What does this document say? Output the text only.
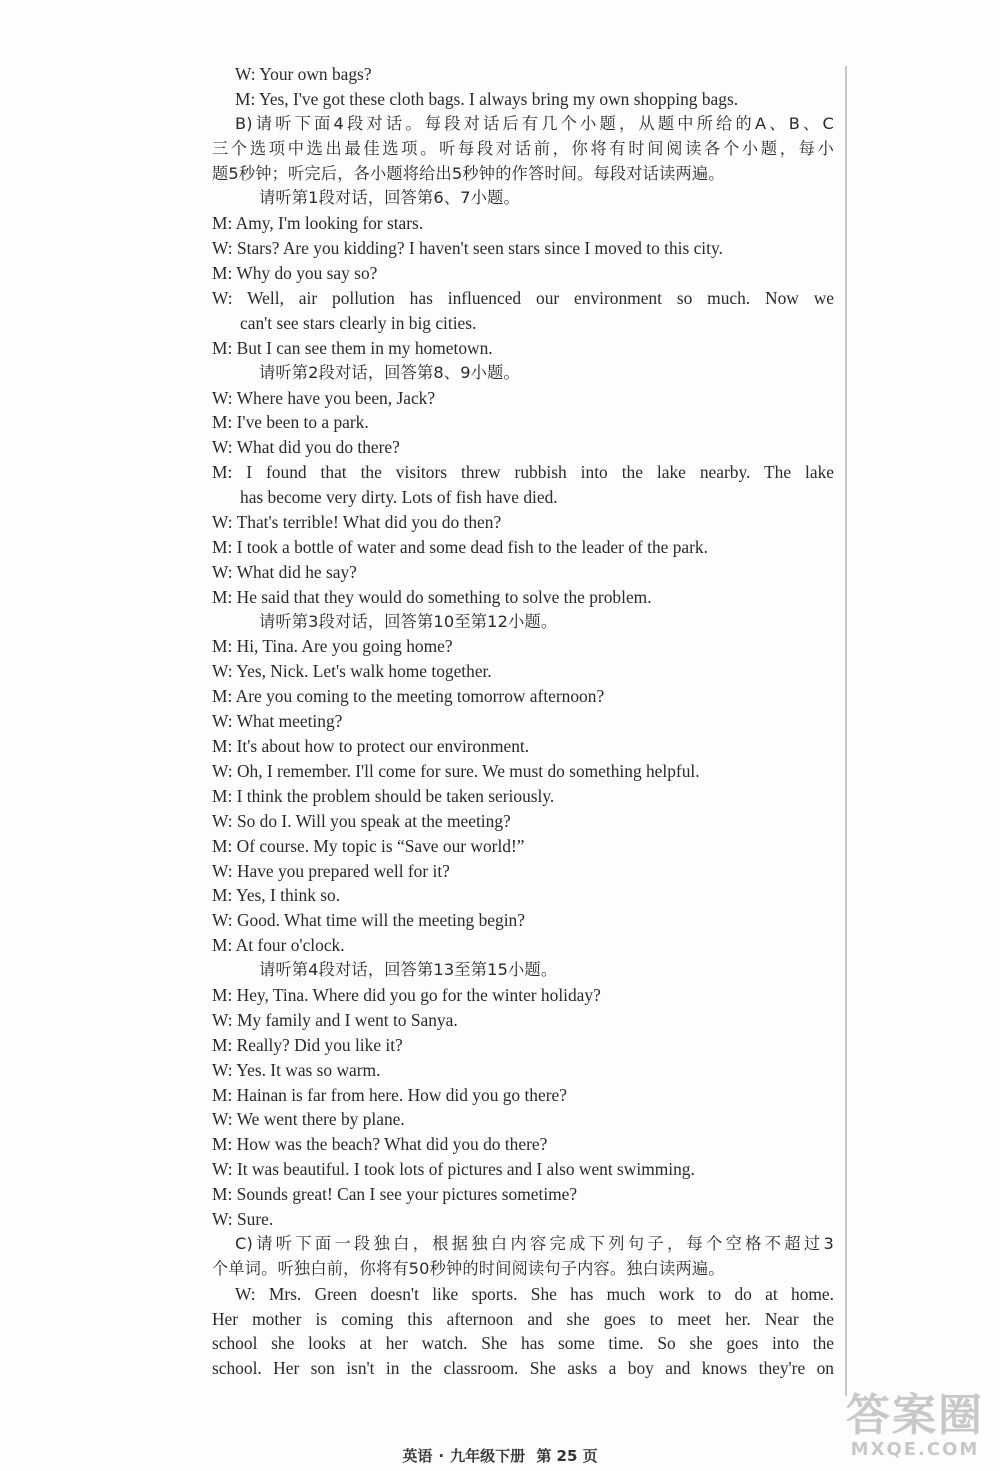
W: Your own bags?
M: Yes, I've got these cloth bags. I always bring my own shopping bags.
B)请听下面4段对话。每段对话后有几个小题，从题中所给的A、B、C
三个选项中选出最佳选项。听每段对话前，你将有时间阅读各个小题，每小
题5秒钟；听完后，各小题将给出5秒钟的作答时间。每段对话读两遍。
请听第1段对话，回答第6、7小题。
M: Amy, I'm looking for stars.
W: Stars? Are you kidding? I haven't seen stars since I moved to this city.
M: Why do you say so?
W: Well, air pollution has influenced our environment so much. Now we
can't see stars clearly in big cities.
M: But I can see them in my hometown.
请听第2段对话，回答第8、9小题。
W: Where have you been, Jack?
M: I've been to a park.
W: What did you do there?
M: I found that the visitors threw rubbish into the lake nearby. The lake
has become very dirty. Lots of fish have died.
W: That's terrible! What did you do then?
M: I took a bottle of water and some dead fish to the leader of the park.
W: What did he say?
M: He said that they would do something to solve the problem.
请听第3段对话，回答第10至第12小题。
M: Hi, Tina. Are you going home?
W: Yes, Nick. Let's walk home together.
M: Are you coming to the meeting tomorrow afternoon?
W: What meeting?
M: It's about how to protect our environment.
W: Oh, I remember. I'll come for sure. We must do something helpful.
M: I think the problem should be taken seriously.
W: So do I. Will you speak at the meeting?
M: Of course. My topic is “Save our world!”
W: Have you prepared well for it?
M: Yes, I think so.
W: Good. What time will the meeting begin?
M: At four o'clock.
请听第4段对话，回答第13至第15小题。
M: Hey, Tina. Where did you go for the winter holiday?
W: My family and I went to Sanya.
M: Really? Did you like it?
W: Yes. It was so warm.
M: Hainan is far from here. How did you go there?
W: We went there by plane.
M: How was the beach? What did you do there?
W: It was beautiful. I took lots of pictures and I also went swimming.
M: Sounds great! Can I see your pictures sometime?
W: Sure.
C)请听下面一段独白，根据独白内容完成下列句子，每个空格不超过3
个单词。听独白前，你将有50秒钟的时间阅读句子内容。独白读两遍。
W: Mrs. Green doesn't like sports. She has much work to do at home.
Her mother is coming this afternoon and she goes to meet her. Near the
school she looks at her watch. She has some time. So she goes into the
school. Her son isn't in the classroom. She asks a boy and knows they're on
英语 · 九年级下册 第 25 页
答案圈
MXQE.COM
